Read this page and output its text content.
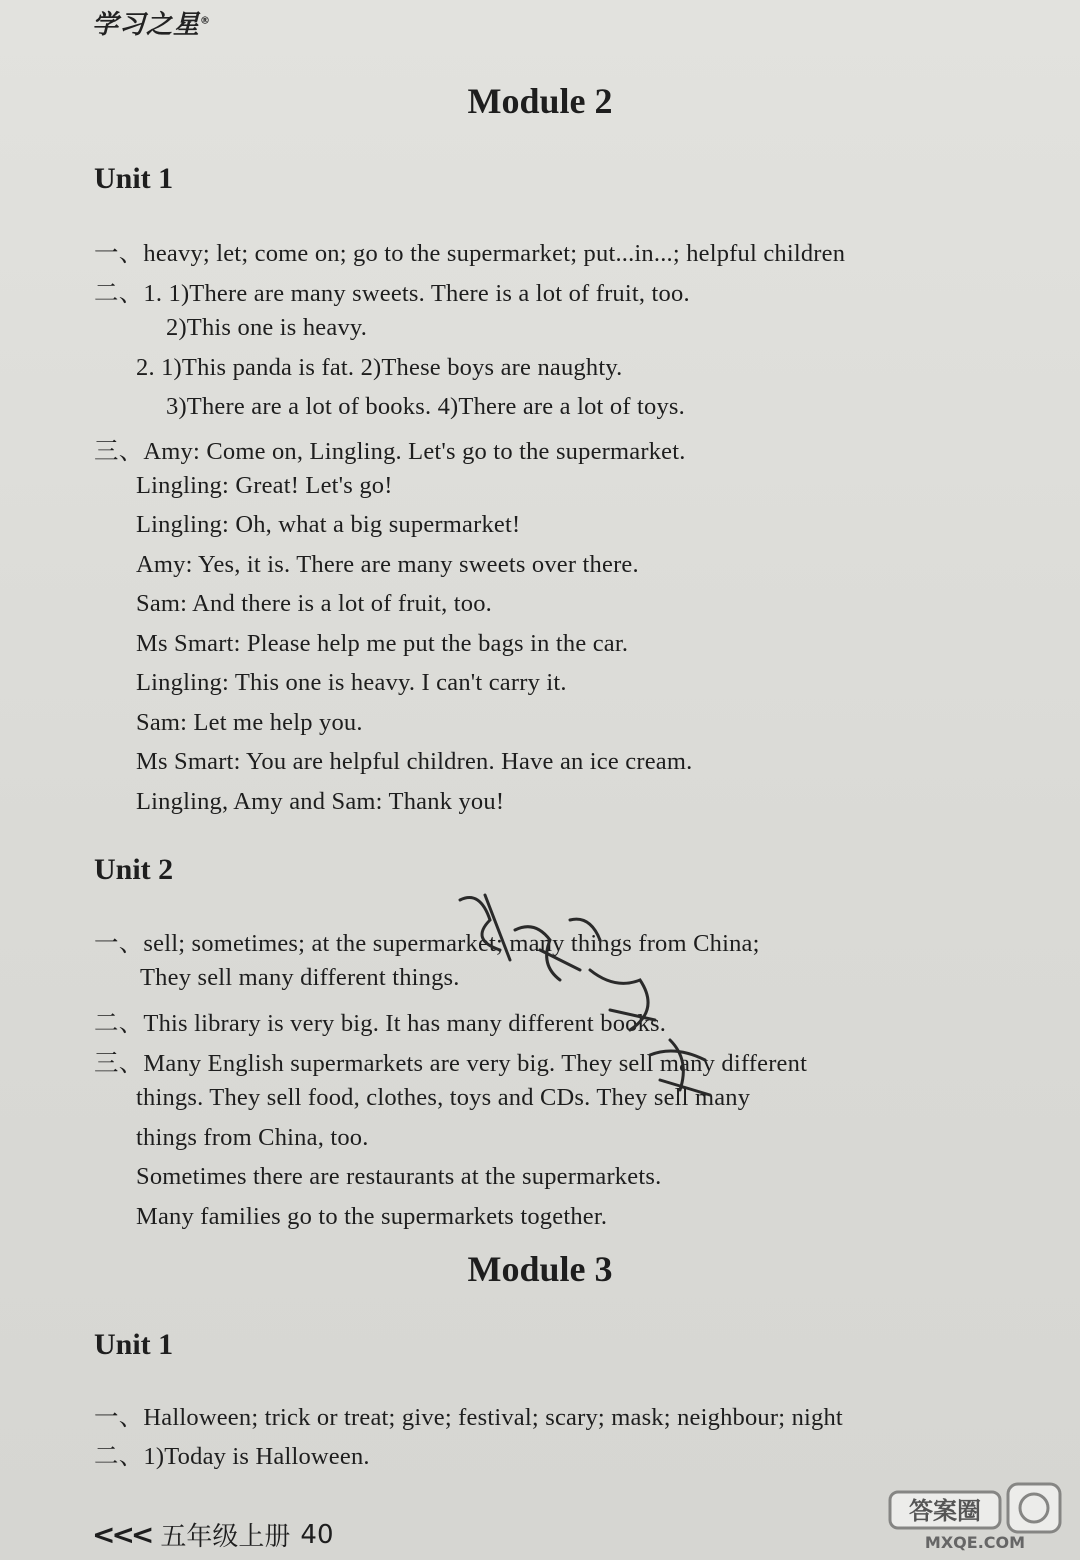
学习之星®
Module 2
Unit 1
一、heavy; let; come on; go to the supermarket; put...in...; helpful children
二、1. 1)There are many sweets. There is a lot of fruit, too.
2)This one is heavy.
2. 1)This panda is fat. 2)These boys are naughty.
3)There are a lot of books. 4)There are a lot of toys.
三、Amy: Come on, Lingling. Let's go to the supermarket.
Lingling: Great! Let's go!
Lingling: Oh, what a big supermarket!
Amy: Yes, it is. There are many sweets over there.
Sam: And there is a lot of fruit, too.
Ms Smart: Please help me put the bags in the car.
Lingling: This one is heavy. I can't carry it.
Sam: Let me help you.
Ms Smart: You are helpful children. Have an ice cream.
Lingling, Amy and Sam: Thank you!
Unit 2
一、sell; sometimes; at the supermarket; many things from China;
They sell many different things.
二、This library is very big. It has many different books.
三、Many English supermarkets are very big. They sell many different
things. They sell food, clothes, toys and CDs. They sell many
things from China, too.
Sometimes there are restaurants at the supermarkets.
Many families go to the supermarkets together.
Module 3
Unit 1
一、Halloween; trick or treat; give; festival; scary; mask; neighbour; night
二、1)Today is Halloween.
<<< 五年级上册 40
答案圈
MXQE.COM
